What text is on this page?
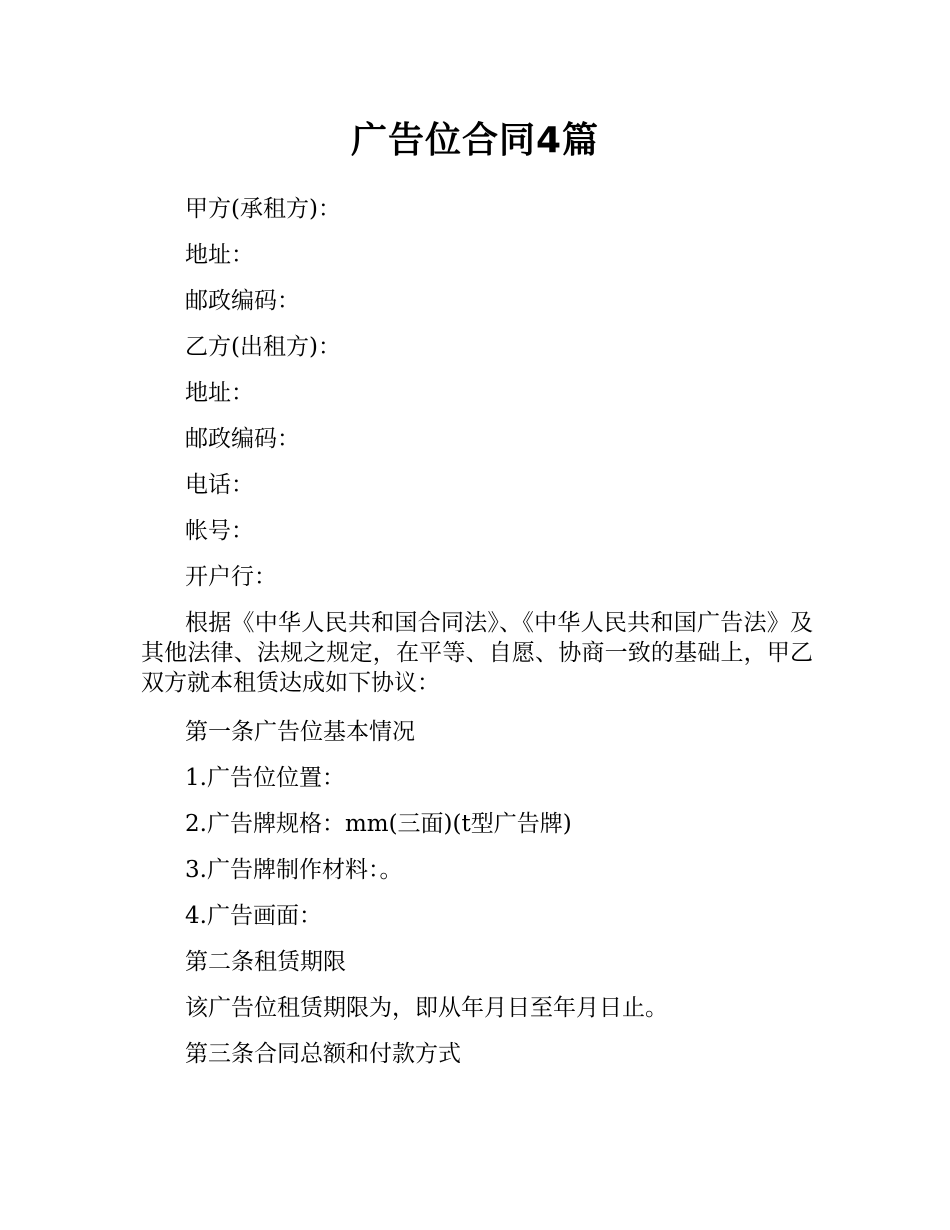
广告位合同4篇

甲方(承租方)：

地址：

邮政编码：

乙方(出租方)：

地址：

邮政编码：

电话：

帐号：

开户行：

根据《中华人民共和国合同法》、《中华人民共和国广告法》及其他法律、法规之规定，在平等、自愿、协商一致的基础上，甲乙双方就本租赁达成如下协议：

第一条广告位基本情况

1.广告位位置：

2.广告牌规格：mm(三面)(t型广告牌)

3.广告牌制作材料：。

4.广告画面：

第二条租赁期限

该广告位租赁期限为，即从年月日至年月日止。

第三条合同总额和付款方式
